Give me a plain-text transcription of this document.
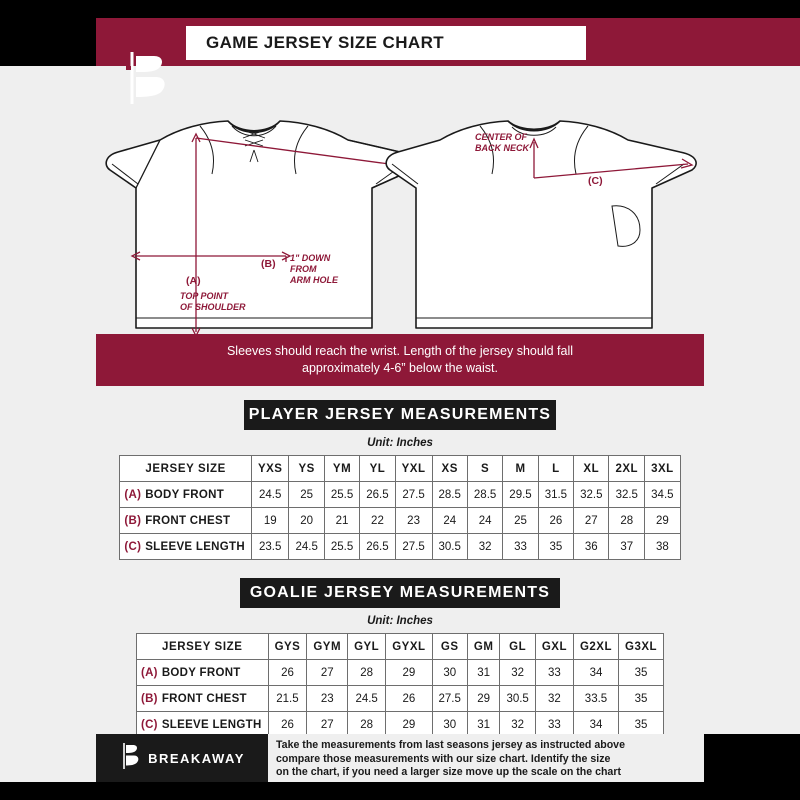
GAME JERSEY SIZE CHART
(A)
TOP POINT
OF SHOULDER
(B) 1" DOWN
FROM
ARM HOLE
CENTER OF
BACK NECK
(C)
Sleeves should reach the wrist. Length of the jersey should fall
approximately 4-6” below the waist.
PLAYER JERSEY MEASUREMENTS
Unit: Inches
JERSEY SIZE	YXS	YS	YM	YL	YXL	XS	S	M	L	XL	2XL	3XL
(A) BODY FRONT	24.5	25	25.5	26.5	27.5	28.5	28.5	29.5	31.5	32.5	32.5	34.5
(B) FRONT CHEST	19	20	21	22	23	24	24	25	26	27	28	29
(C) SLEEVE LENGTH	23.5	24.5	25.5	26.5	27.5	30.5	32	33	35	36	37	38
GOALIE JERSEY MEASUREMENTS
Unit: Inches
JERSEY SIZE	GYS	GYM	GYL	GYXL	GS	GM	GL	GXL	G2XL	G3XL
(A) BODY FRONT	26	27	28	29	30	31	32	33	34	35
(B) FRONT CHEST	21.5	23	24.5	26	27.5	29	30.5	32	33.5	35
(C) SLEEVE LENGTH	26	27	28	29	30	31	32	33	34	35
BREAKAWAY
Take the measurements from last seasons jersey as instructed above
compare those measurements with our size chart. Identify the size
on the chart, if you need a larger size move up the scale on the chart
